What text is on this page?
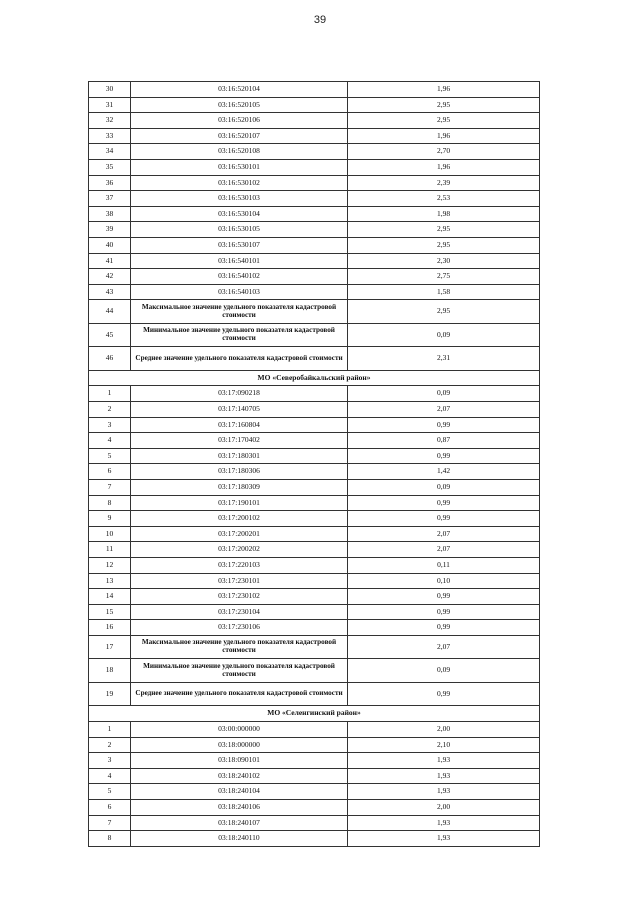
39
30	03:16:520104	1,96
31	03:16:520105	2,95
32	03:16:520106	2,95
33	03:16:520107	1,96
34	03:16:520108	2,70
35	03:16:530101	1,96
36	03:16:530102	2,39
37	03:16:530103	2,53
38	03:16:530104	1,98
39	03:16:530105	2,95
40	03:16:530107	2,95
41	03:16:540101	2,30
42	03:16:540102	2,75
43	03:16:540103	1,58
44	Максимальное значение удельного показателя кадастровой стоимости	2,95
45	Минимальное значение удельного показателя кадастровой стоимости	0,09
46	Среднее значение удельного показателя кадастровой стоимости	2,31
МО «Северобайкальский район»		
1	03:17:090218	0,09
2	03:17:140705	2,07
3	03:17:160804	0,99
4	03:17:170402	0,87
5	03:17:180301	0,99
6	03:17:180306	1,42
7	03:17:180309	0,09
8	03:17:190101	0,99
9	03:17:200102	0,99
10	03:17:200201	2,07
11	03:17:200202	2,07
12	03:17:220103	0,11
13	03:17:230101	0,10
14	03:17:230102	0,99
15	03:17:230104	0,99
16	03:17:230106	0,99
17	Максимальное значение удельного показателя кадастровой стоимости	2,07
18	Минимальное значение удельного показателя кадастровой стоимости	0,09
19	Среднее значение удельного показателя кадастровой стоимости	0,99
МО «Селенгинский район»		
1	03:00:000000	2,00
2	03:18:000000	2,10
3	03:18:090101	1,93
4	03:18:240102	1,93
5	03:18:240104	1,93
6	03:18:240106	2,00
7	03:18:240107	1,93
8	03:18:240110	1,93
